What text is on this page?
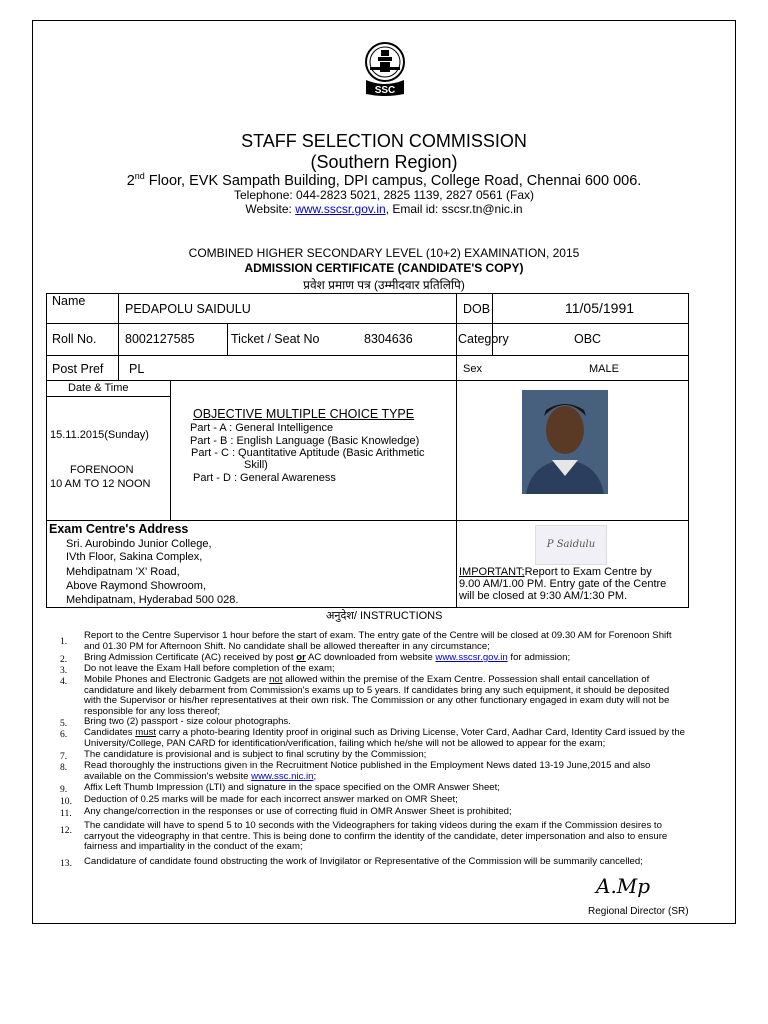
SSC
STAFF SELECTION COMMISSION
(Southern Region)
2nd Floor, EVK Sampath Building, DPI campus, College Road, Chennai 600 006.
Telephone: 044-2823 5021, 2825 1139, 2827 0561 (Fax)
Website: www.sscsr.gov.in, Email id: sscsr.tn@nic.in
COMBINED HIGHER SECONDARY LEVEL (10+2) EXAMINATION, 2015
ADMISSION CERTIFICATE (CANDIDATE'S COPY)
प्रवेश प्रमाण पत्र (उम्मीदवार प्रतिलिपि)
Name
PEDAPOLU SAIDULU	DOB	11/05/1991
Roll No. 8002127585	Ticket / Seat No	8304636	Category	OBC
Post Pref PL	Sex	MALE
Date & Time
15.11.2015(Sunday)
FORENOON
10 AM TO 12 NOON
OBJECTIVE MULTIPLE CHOICE TYPE
Part - A : General Intelligence
Part - B : English Language (Basic Knowledge)
Part - C : Quantitative Aptitude (Basic Arithmetic
Skill)
Part - D : General Awareness
Exam Centre's Address
Sri. Aurobindo Junior College,
IVth Floor, Sakina Complex,
Mehdipatnam 'X' Road,
Above Raymond Showroom,
Mehdipatnam, Hyderabad 500 028.
P Saidulu
IMPORTANT;Report to Exam Centre by
9.00 AM/1.00 PM. Entry gate of the Centre
will be closed at 9:30 AM/1:30 PM.
अनुदेश/ INSTRUCTIONS
1.
Report to the Centre Supervisor 1 hour before the start of exam. The entry gate of the Centre will be closed at 09.30 AM for Forenoon Shift
and 01.30 PM for Afternoon Shift. No candidate shall be allowed thereafter in any circumstance;
2. Bring Admission Certificate (AC) received by post or AC downloaded from website www.sscsr.gov.in for admission;
3. Do not leave the Exam Hall before completion of the exam;
4. Mobile Phones and Electronic Gadgets are not allowed within the premise of the Exam Centre. Possession shall entail cancellation of
candidature and likely debarment from Commission's exams up to 5 years. If candidates bring any such equipment, it should be deposited
with the Supervisor or his/her representatives at their own risk. The Commission or any other functionary engaged in exam duty will not be
responsible for any loss thereof;
5. Bring two (2) passport - size colour photographs.
6. Candidates must carry a photo-bearing Identity proof in original such as Driving License, Voter Card, Aadhar Card, Identity Card issued by the
University/College, PAN CARD for identification/verification, failing which he/she will not be allowed to appear for the exam;
7. The candidature is provisional and is subject to final scrutiny by the Commission;
8. Read thoroughly the instructions given in the Recruitment Notice published in the Employment News dated 13-19 June,2015 and also
available on the Commission's website www.ssc.nic.in;
9. Affix Left Thumb Impression (LTI) and signature in the space specified on the OMR Answer Sheet;
10. Deduction of 0.25 marks will be made for each incorrect answer marked on OMR Sheet;
11. Any change/correction in the responses or use of correcting fluid in OMR Answer Sheet is prohibited;
12. The candidate will have to spend 5 to 10 seconds with the Videographers for taking videos during the exam if the Commission desires to
carryout the videography in that centre. This is being done to confirm the identity of the candidate, deter impersonation and also to ensure
fairness and impartiality in the conduct of the exam;
13. Candidature of candidate found obstructing the work of Invigilator or Representative of the Commission will be summarily cancelled;
A.Mp
Regional Director (SR)
